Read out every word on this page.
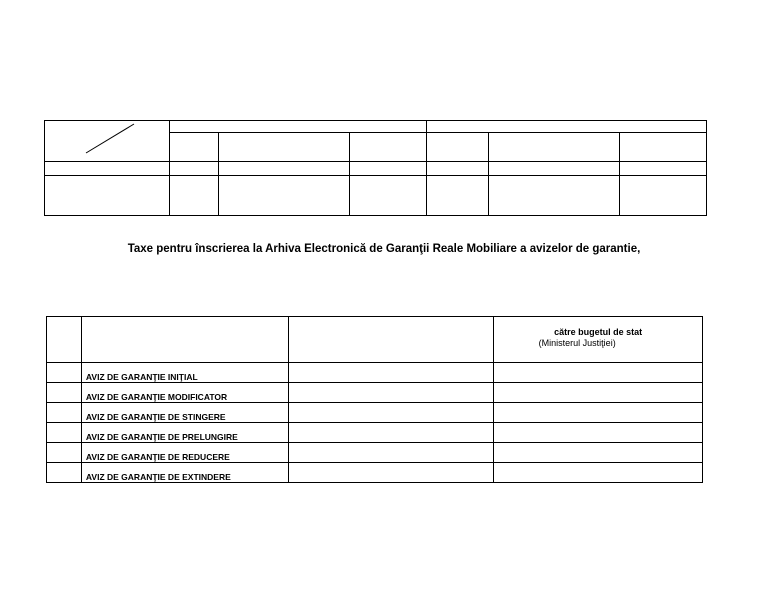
Taxe pentru înscrierea la Arhiva Electronică de Garanţii Reale Mobiliare a avizelor de garantie,

			către bugetul de stat
(Ministerul Justiţiei)

	AVIZ DE GARANŢIE INIŢIAL		
	AVIZ DE GARANŢIE MODIFICATOR		
	AVIZ DE GARANŢIE DE STINGERE		
	AVIZ DE GARANŢIE DE PRELUNGIRE		
	AVIZ DE GARANŢIE DE REDUCERE		
	AVIZ DE GARANŢIE DE EXTINDERE		
